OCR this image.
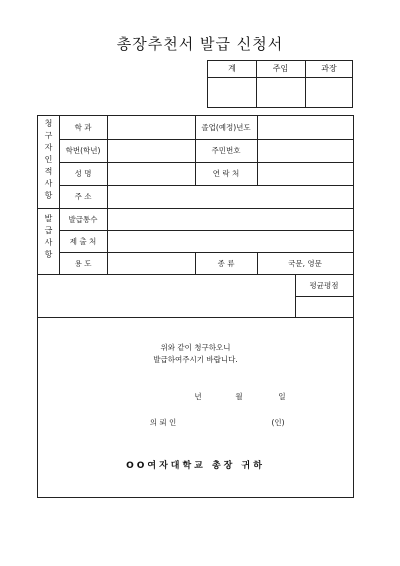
총장추천서 발급 신청서
계	주임	과장
청
구
자
인
적
사
항
발
급
사
항
학 과	졸업(예정)년도
학번(학년)	주민번호
성 명	연 락 처
주 소
발급통수
제 출 처
용 도	종 류	국문, 영문
평균평점
위와 같이 청구하오니
발급하여주시기 바랍니다.
년	월	일
의 뢰 인	(인)
OO여자대학교 총장 귀하
